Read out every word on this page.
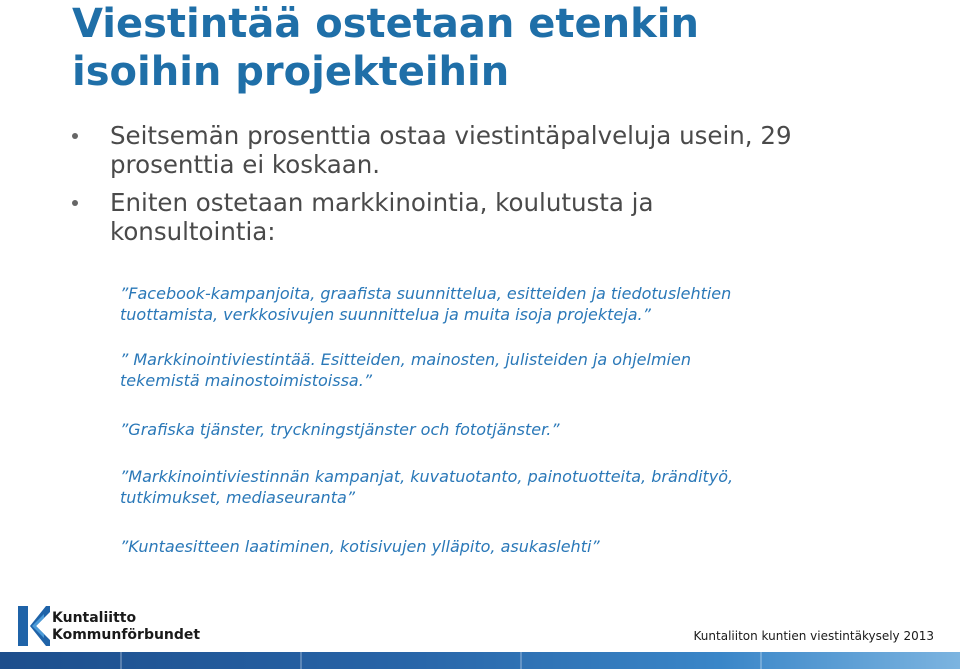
Viestintää ostetaan etenkin
isoihin projekteihin
Seitsemän prosenttia ostaa viestintäpalveluja usein, 29
prosenttia ei koskaan.
Eniten ostetaan markkinointia, koulutusta ja
konsultointia:

”Facebook-kampanjoita, graafista suunnittelua, esitteiden ja tiedotuslehtien
tuottamista, verkkosivujen suunnittelua ja muita isoja projekteja.”

” Markkinointiviestintää. Esitteiden, mainosten, julisteiden ja ohjelmien
tekemistä mainostoimistoissa.”

”Grafiska tjänster, tryckningstjänster och fototjänster.”

”Markkinointiviestinnän kampanjat, kuvatuotanto, painotuotteita, brändityö,
tutkimukset, mediaseuranta”

”Kuntaesitteen laatiminen, kotisivujen ylläpito, asukaslehti”

Kuntaliitto
Kommunförbundet	Kuntaliiton kuntien viestintäkysely 2013
